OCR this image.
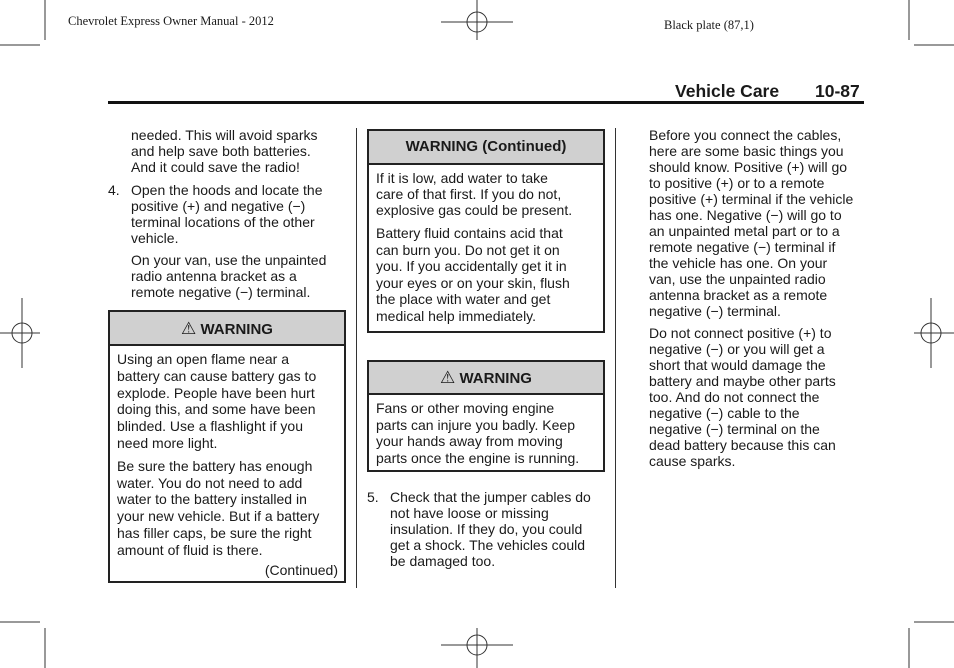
Chevrolet Express Owner Manual - 2012	Black plate (87,1)
Vehicle Care 10-87
needed. This will avoid sparks
and help save both batteries.
And it could save the radio!
4. Open the hoods and locate the
positive (+) and negative (−)
terminal locations of the other
vehicle.
On your van, use the unpainted
radio antenna bracket as a
remote negative (−) terminal.
⚠ WARNING
Using an open flame near a
battery can cause battery gas to
explode. People have been hurt
doing this, and some have been
blinded. Use a flashlight if you
need more light.
Be sure the battery has enough
water. You do not need to add
water to the battery installed in
your new vehicle. But if a battery
has filler caps, be sure the right
amount of fluid is there.
(Continued)
WARNING (Continued)
If it is low, add water to take
care of that first. If you do not,
explosive gas could be present.
Battery fluid contains acid that
can burn you. Do not get it on
you. If you accidentally get it in
your eyes or on your skin, flush
the place with water and get
medical help immediately.
⚠ WARNING
Fans or other moving engine
parts can injure you badly. Keep
your hands away from moving
parts once the engine is running.
5. Check that the jumper cables do
not have loose or missing
insulation. If they do, you could
get a shock. The vehicles could
be damaged too.
Before you connect the cables,
here are some basic things you
should know. Positive (+) will go
to positive (+) or to a remote
positive (+) terminal if the vehicle
has one. Negative (−) will go to
an unpainted metal part or to a
remote negative (−) terminal if
the vehicle has one. On your
van, use the unpainted radio
antenna bracket as a remote
negative (−) terminal.
Do not connect positive (+) to
negative (−) or you will get a
short that would damage the
battery and maybe other parts
too. And do not connect the
negative (−) cable to the
negative (−) terminal on the
dead battery because this can
cause sparks.
